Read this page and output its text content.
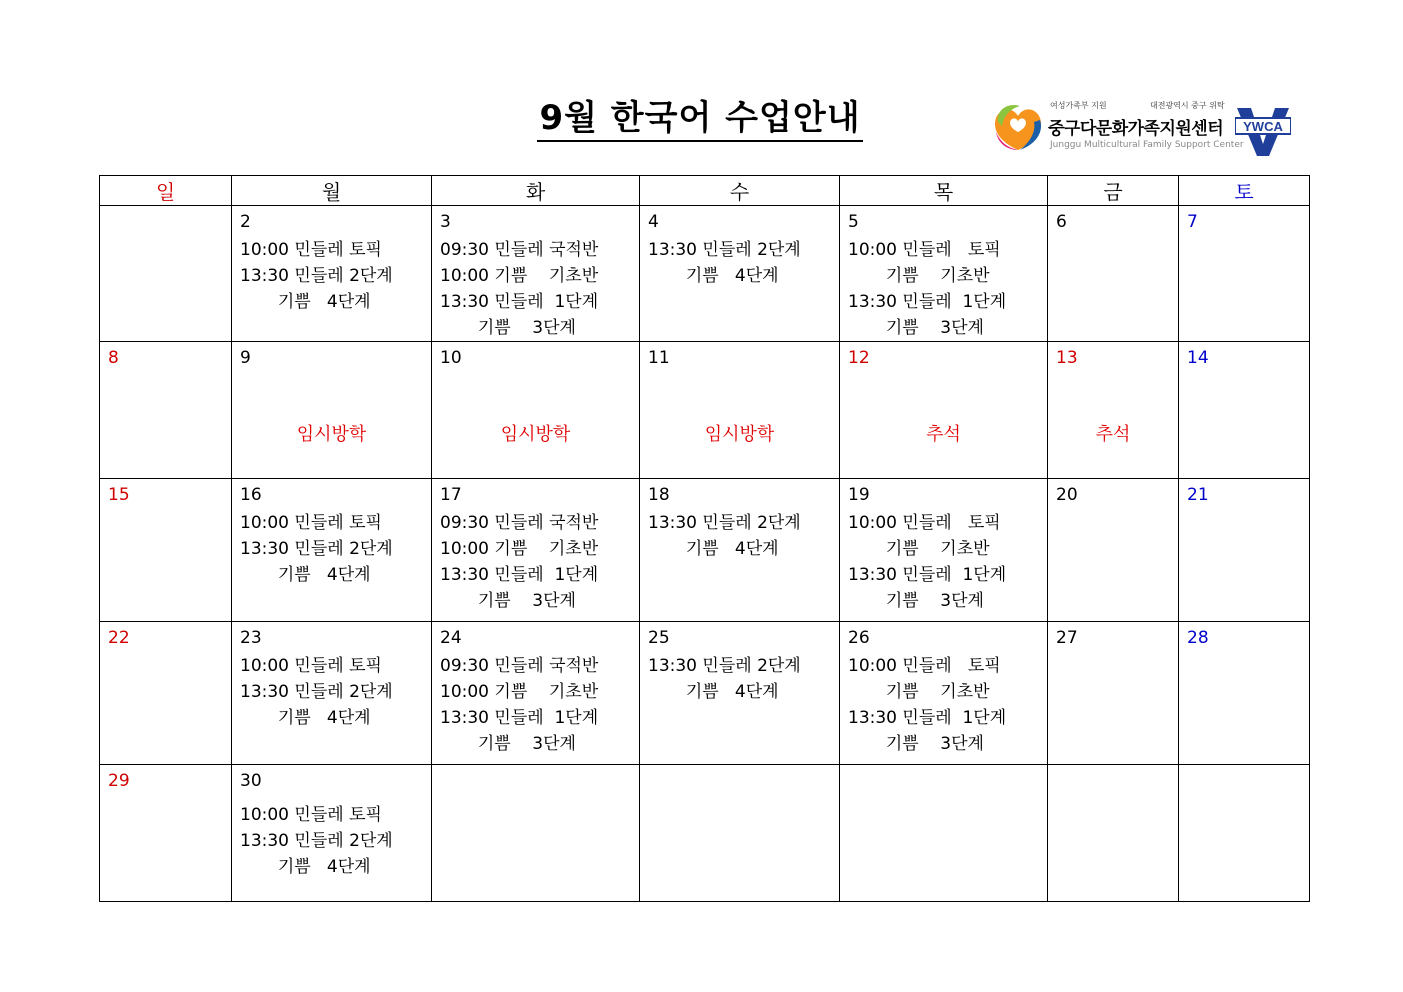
9월 한국어 수업안내	여성가족부 지원	대전광역시 중구 위탁
중구다문화가족지원센터
Junggu Multicultural Family Support Center
YWCA
일	월	화	수	목	금	토

	2
10:00 민들레 토픽
13:30 민들레 2단계
기쁨   4단계	3
09:30 민들레 국적반
10:00 기쁨    기초반
13:30 민들레  1단계
기쁨    3단계	4
13:30 민들레 2단계
기쁨   4단계	5
10:00 민들레   토픽
기쁨    기초반
13:30 민들레  1단계
기쁨    3단계	6	7

8	9
임시방학	10
임시방학	11
임시방학	12
추석	13
추석	14

15	16
10:00 민들레 토픽
13:30 민들레 2단계
기쁨   4단계	17
09:30 민들레 국적반
10:00 기쁨    기초반
13:30 민들레  1단계
기쁨    3단계	18
13:30 민들레 2단계
기쁨   4단계	19
10:00 민들레   토픽
기쁨    기초반
13:30 민들레  1단계
기쁨    3단계	20	21

22	23
10:00 민들레 토픽
13:30 민들레 2단계
기쁨   4단계	24
09:30 민들레 국적반
10:00 기쁨    기초반
13:30 민들레  1단계
기쁨    3단계	25
13:30 민들레 2단계
기쁨   4단계	26
10:00 민들레   토픽
기쁨    기초반
13:30 민들레  1단계
기쁨    3단계	27	28

29	30
10:00 민들레 토픽
13:30 민들레 2단계
기쁨   4단계					
